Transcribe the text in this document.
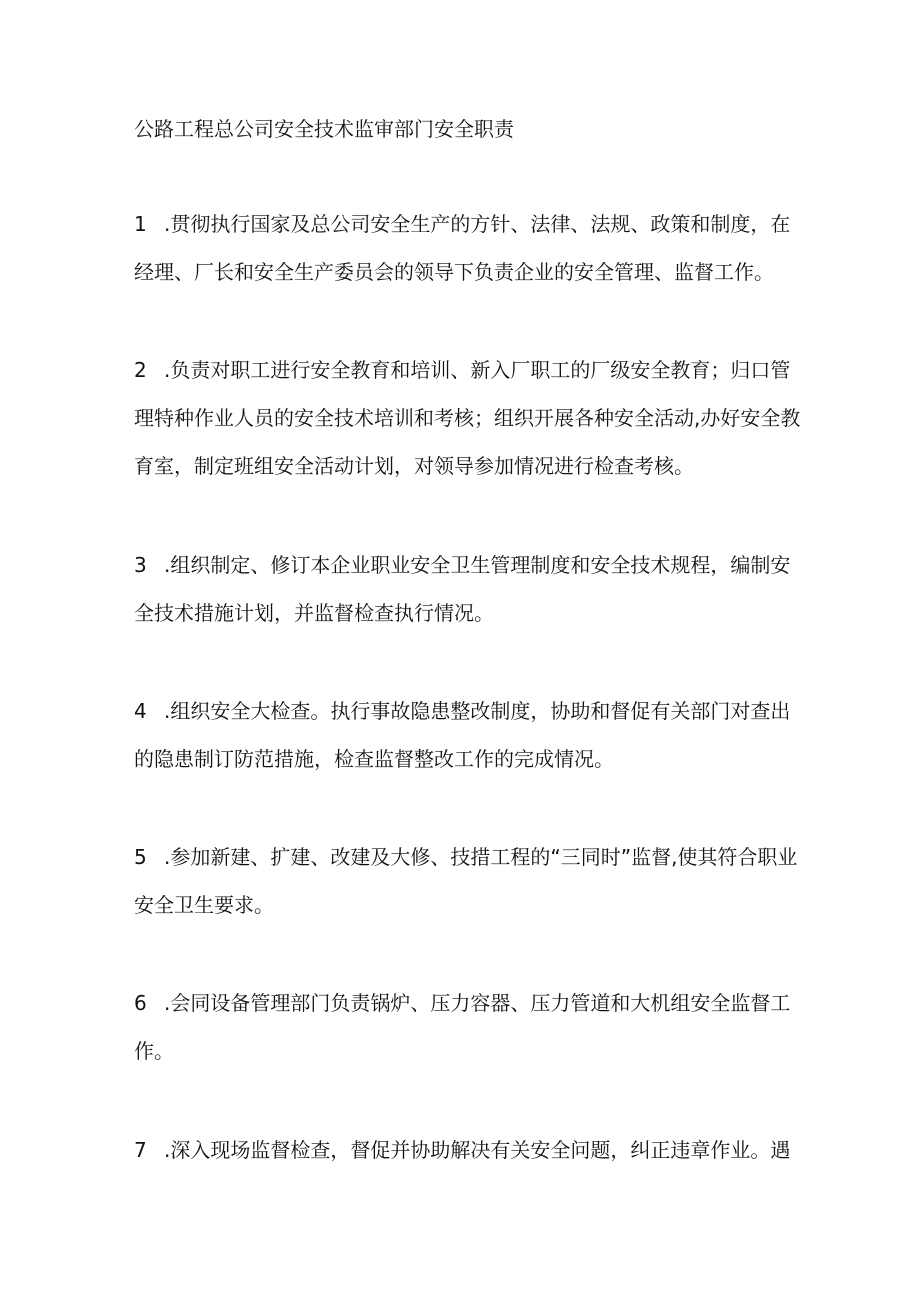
公路工程总公司安全技术监审部门安全职责

1 .贯彻执行国家及总公司安全生产的方针、法律、法规、政策和制度，在经理、厂长和安全生产委员会的领导下负责企业的安全管理、监督工作。

2 .负责对职工进行安全教育和培训、新入厂职工的厂级安全教育；归口管理特种作业人员的安全技术培训和考核；组织开展各种安全活动,办好安全教育室，制定班组安全活动计划，对领导参加情况进行检查考核。

3 .组织制定、修订本企业职业安全卫生管理制度和安全技术规程，编制安全技术措施计划，并监督检查执行情况。

4 .组织安全大检查。执行事故隐患整改制度，协助和督促有关部门对查出的隐患制订防范措施，检查监督整改工作的完成情况。

5 .参加新建、扩建、改建及大修、技措工程的“三同时”监督,使其符合职业安全卫生要求。

6 .会同设备管理部门负责锅炉、压力容器、压力管道和大机组安全监督工作。

7 .深入现场监督检查，督促并协助解决有关安全问题，纠正违章作业。遇
